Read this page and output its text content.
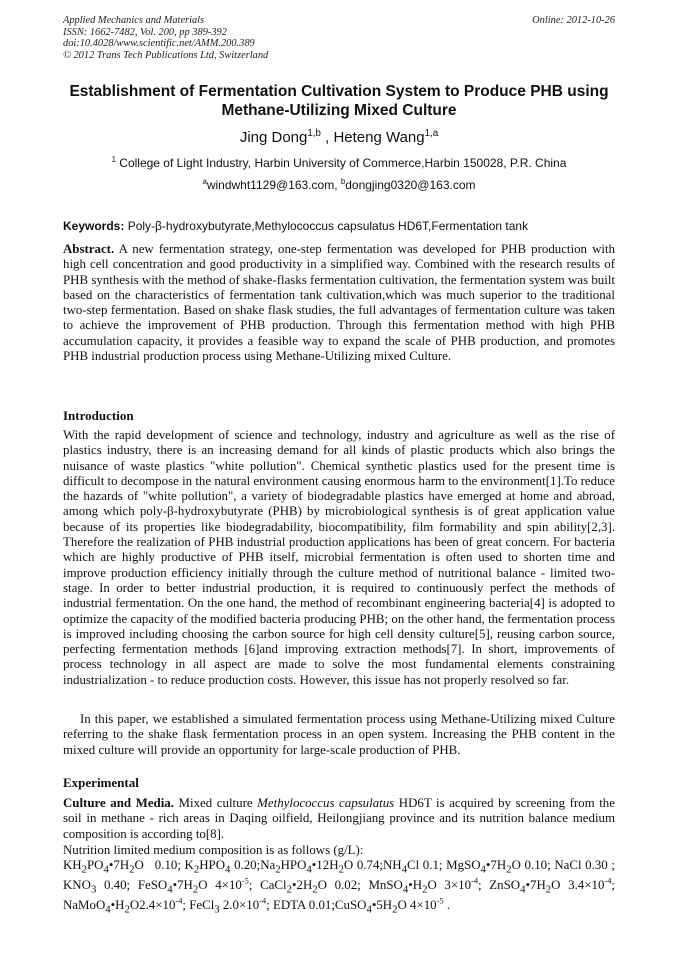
Applied Mechanics and Materials
ISSN: 1662-7482, Vol. 200, pp 389-392
doi:10.4028/www.scientific.net/AMM.200.389
© 2012 Trans Tech Publications Ltd, Switzerland
Online: 2012-10-26
Establishment of Fermentation Cultivation System to Produce PHB using Methane-Utilizing Mixed Culture
Jing Dong$^{1,b}$ , Heteng Wang$^{1,a}$
$^1$ College of Light Industry, Harbin University of Commerce,Harbin 150028, P.R. China
$^a$windwht1129@163.com, $^b$dongjing0320@163.com
Keywords: Poly-β-hydroxybutyrate,Methylococcus capsulatus HD6T,Fermentation tank
Abstract. A new fermentation strategy, one-step fermentation was developed for PHB production with high cell concentration and good productivity in a simplified way. Combined with the research results of PHB synthesis with the method of shake-flasks fermentation cultivation, the fermentation system was built based on the characteristics of fermentation tank cultivation,which was much superior to the traditional two-step fermentation. Based on shake flask studies, the full advantages of fermentation culture was taken to achieve the improvement of PHB production. Through this fermentation method with high PHB accumulation capacity, it provides a feasible way to expand the scale of PHB production, and promotes PHB industrial production process using Methane-Utilizing mixed Culture.
Introduction
With the rapid development of science and technology, industry and agriculture as well as the rise of plastics industry, there is an increasing demand for all kinds of plastic products which also brings the nuisance of waste plastics "white pollution". Chemical synthetic plastics used for the present time is difficult to decompose in the natural environment causing enormous harm to the environment[1].To reduce the hazards of "white pollution", a variety of biodegradable plastics have emerged at home and abroad, among which poly-β-hydroxybutyrate (PHB) by microbiological synthesis is of great application value because of its properties like biodegradability, biocompatibility, film formability and spin ability[2,3]. Therefore the realization of PHB industrial production applications has been of great concern. For bacteria which are highly productive of PHB itself, microbial fermentation is often used to shorten time and improve production efficiency initially through the culture method of nutritional balance - limited two-stage. In order to better industrial production, it is required to continuously perfect the methods of industrial fermentation. On the one hand, the method of recombinant engineering bacteria[4] is adopted to optimize the capacity of the modified bacteria producing PHB; on the other hand, the fermentation process is improved including choosing the carbon source for high cell density culture[5], reusing carbon source, perfecting fermentation methods [6]and improving extraction methods[7]. In short, improvements of process technology in all aspect are made to solve the most fundamental elements constraining industrialization - to reduce production costs. However, this issue has not properly resolved so far.
In this paper, we established a simulated fermentation process using Methane-Utilizing mixed Culture referring to the shake flask fermentation process in an open system. Increasing the PHB content in the mixed culture will provide an opportunity for large-scale production of PHB.
Experimental
Culture and Media. Mixed culture Methylococcus capsulatus HD6T is acquired by screening from the soil in methane - rich areas in Daqing oilfield, Heilongjiang province and its nutrition balance medium composition is according to[8].
Nutrition limited medium composition is as follows (g/L):
$KH_2PO_4•7H_2O$   0.10; $K_2HPO_4$ $0.20;Na_2HPO_4•12H_2O$ $0.74;NH_4Cl$ 0.1; $MgSO_4•7H_2O$ 0.10; NaCl 0.30 ; $KNO_3$ 0.40; $FeSO_4•7H_2O$ $4\times 10^{-5}$; $CaCl_2•2H_2O$ 0.02; $MnSO_4•H_2O$ $3\times 10^{-4}$; $ZnSO_4•7H_2O$ $3.4\times 10^{-4}$; $NaMoO_4•H_2O2.4\times 10^{-4}$; FeCl$_3$ $2.0\times 10^{-4}$; EDTA $0.01;CuSO_4•5H_2O$ $4\times 10^{-5}$ .
